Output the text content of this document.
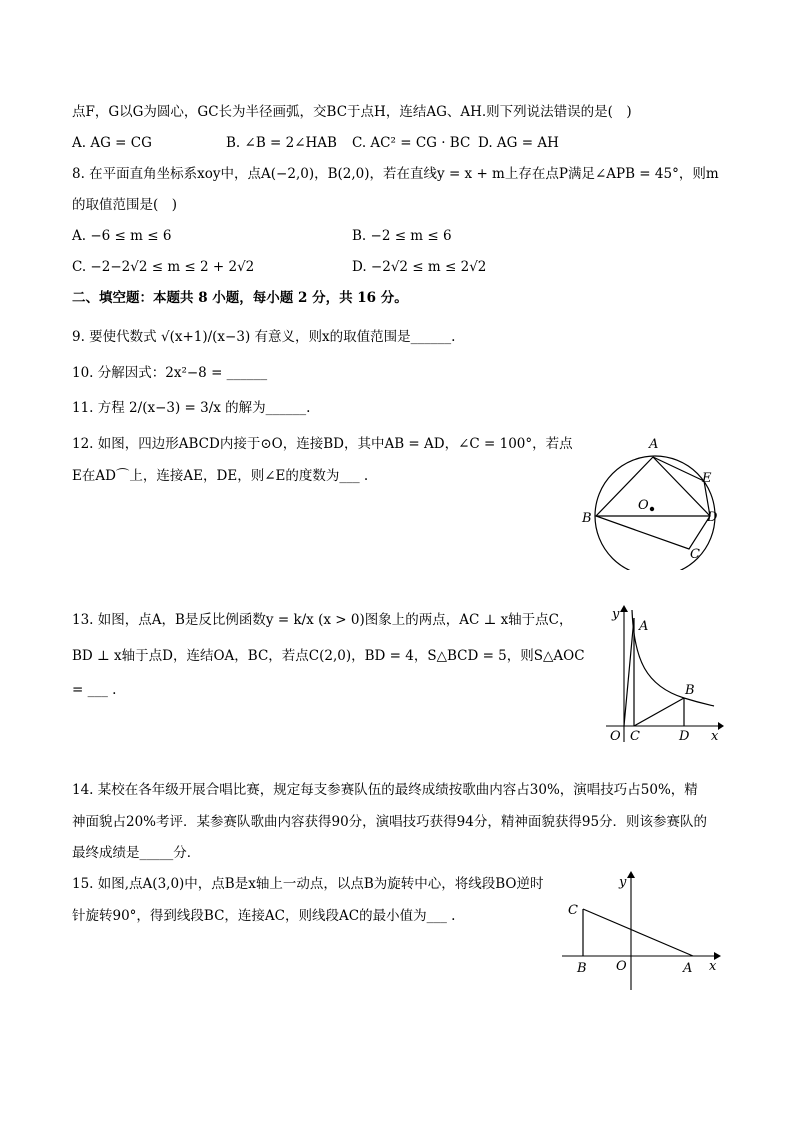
点F，G以G为圆心，GC长为半径画弧，交BC于点H，连结AG、AH.则下列说法错误的是(　)
A. AG = CG	B. ∠B = 2∠HAB C. AC² = CG · BC D. AG = AH
8. 在平面直角坐标系xoy中，点A(−2,0)，B(2,0)，若在直线y = x + m上存在点P满足∠APB = 45°，则m
的取值范围是(　)
A. −6 ≤ m ≤ 6	B. −2 ≤ m ≤ 6
C. −2−2√2 ≤ m ≤ 2 + 2√2	D. −2√2 ≤ m ≤ 2√2
二、填空题：本题共 8 小题，每小题 2 分，共 16 分。
9. 要使代数式 √(x+1)/(x−3) 有意义，则x的取值范围是______.
10. 分解因式：2x²−8 = ______
11. 方程 2/(x−3) = 3/x 的解为______.
12. 如图，四边形ABCD内接于⊙O，连接BD，其中AB = AD，∠C = 100°，若点
E在AD⌒上，连接AE，DE，则∠E的度数为___ .
A
B
C
D
E
O
13. 如图，点A，B是反比例函数y = k/x (x > 0)图象上的两点，AC ⊥ x轴于点C，
BD ⊥ x轴于点D，连结OA，BC，若点C(2,0)，BD = 4，S△BCD = 5，则S△AOC
= ___ .
y
A
B
O C	D x
14. 某校在各年级开展合唱比赛，规定每支参赛队伍的最终成绩按歌曲内容占30%，演唱技巧占50%，精
神面貌占20%考评．某参赛队歌曲内容获得90分，演唱技巧获得94分，精神面貌获得95分．则该参赛队的
最终成绩是_____分．
15. 如图,点A(3,0)中，点B是x轴上一动点，以点B为旋转中心，将线段BO逆时
针旋转90°，得到线段BC，连接AC，则线段AC的最小值为___ .
y
C
B O	A x
